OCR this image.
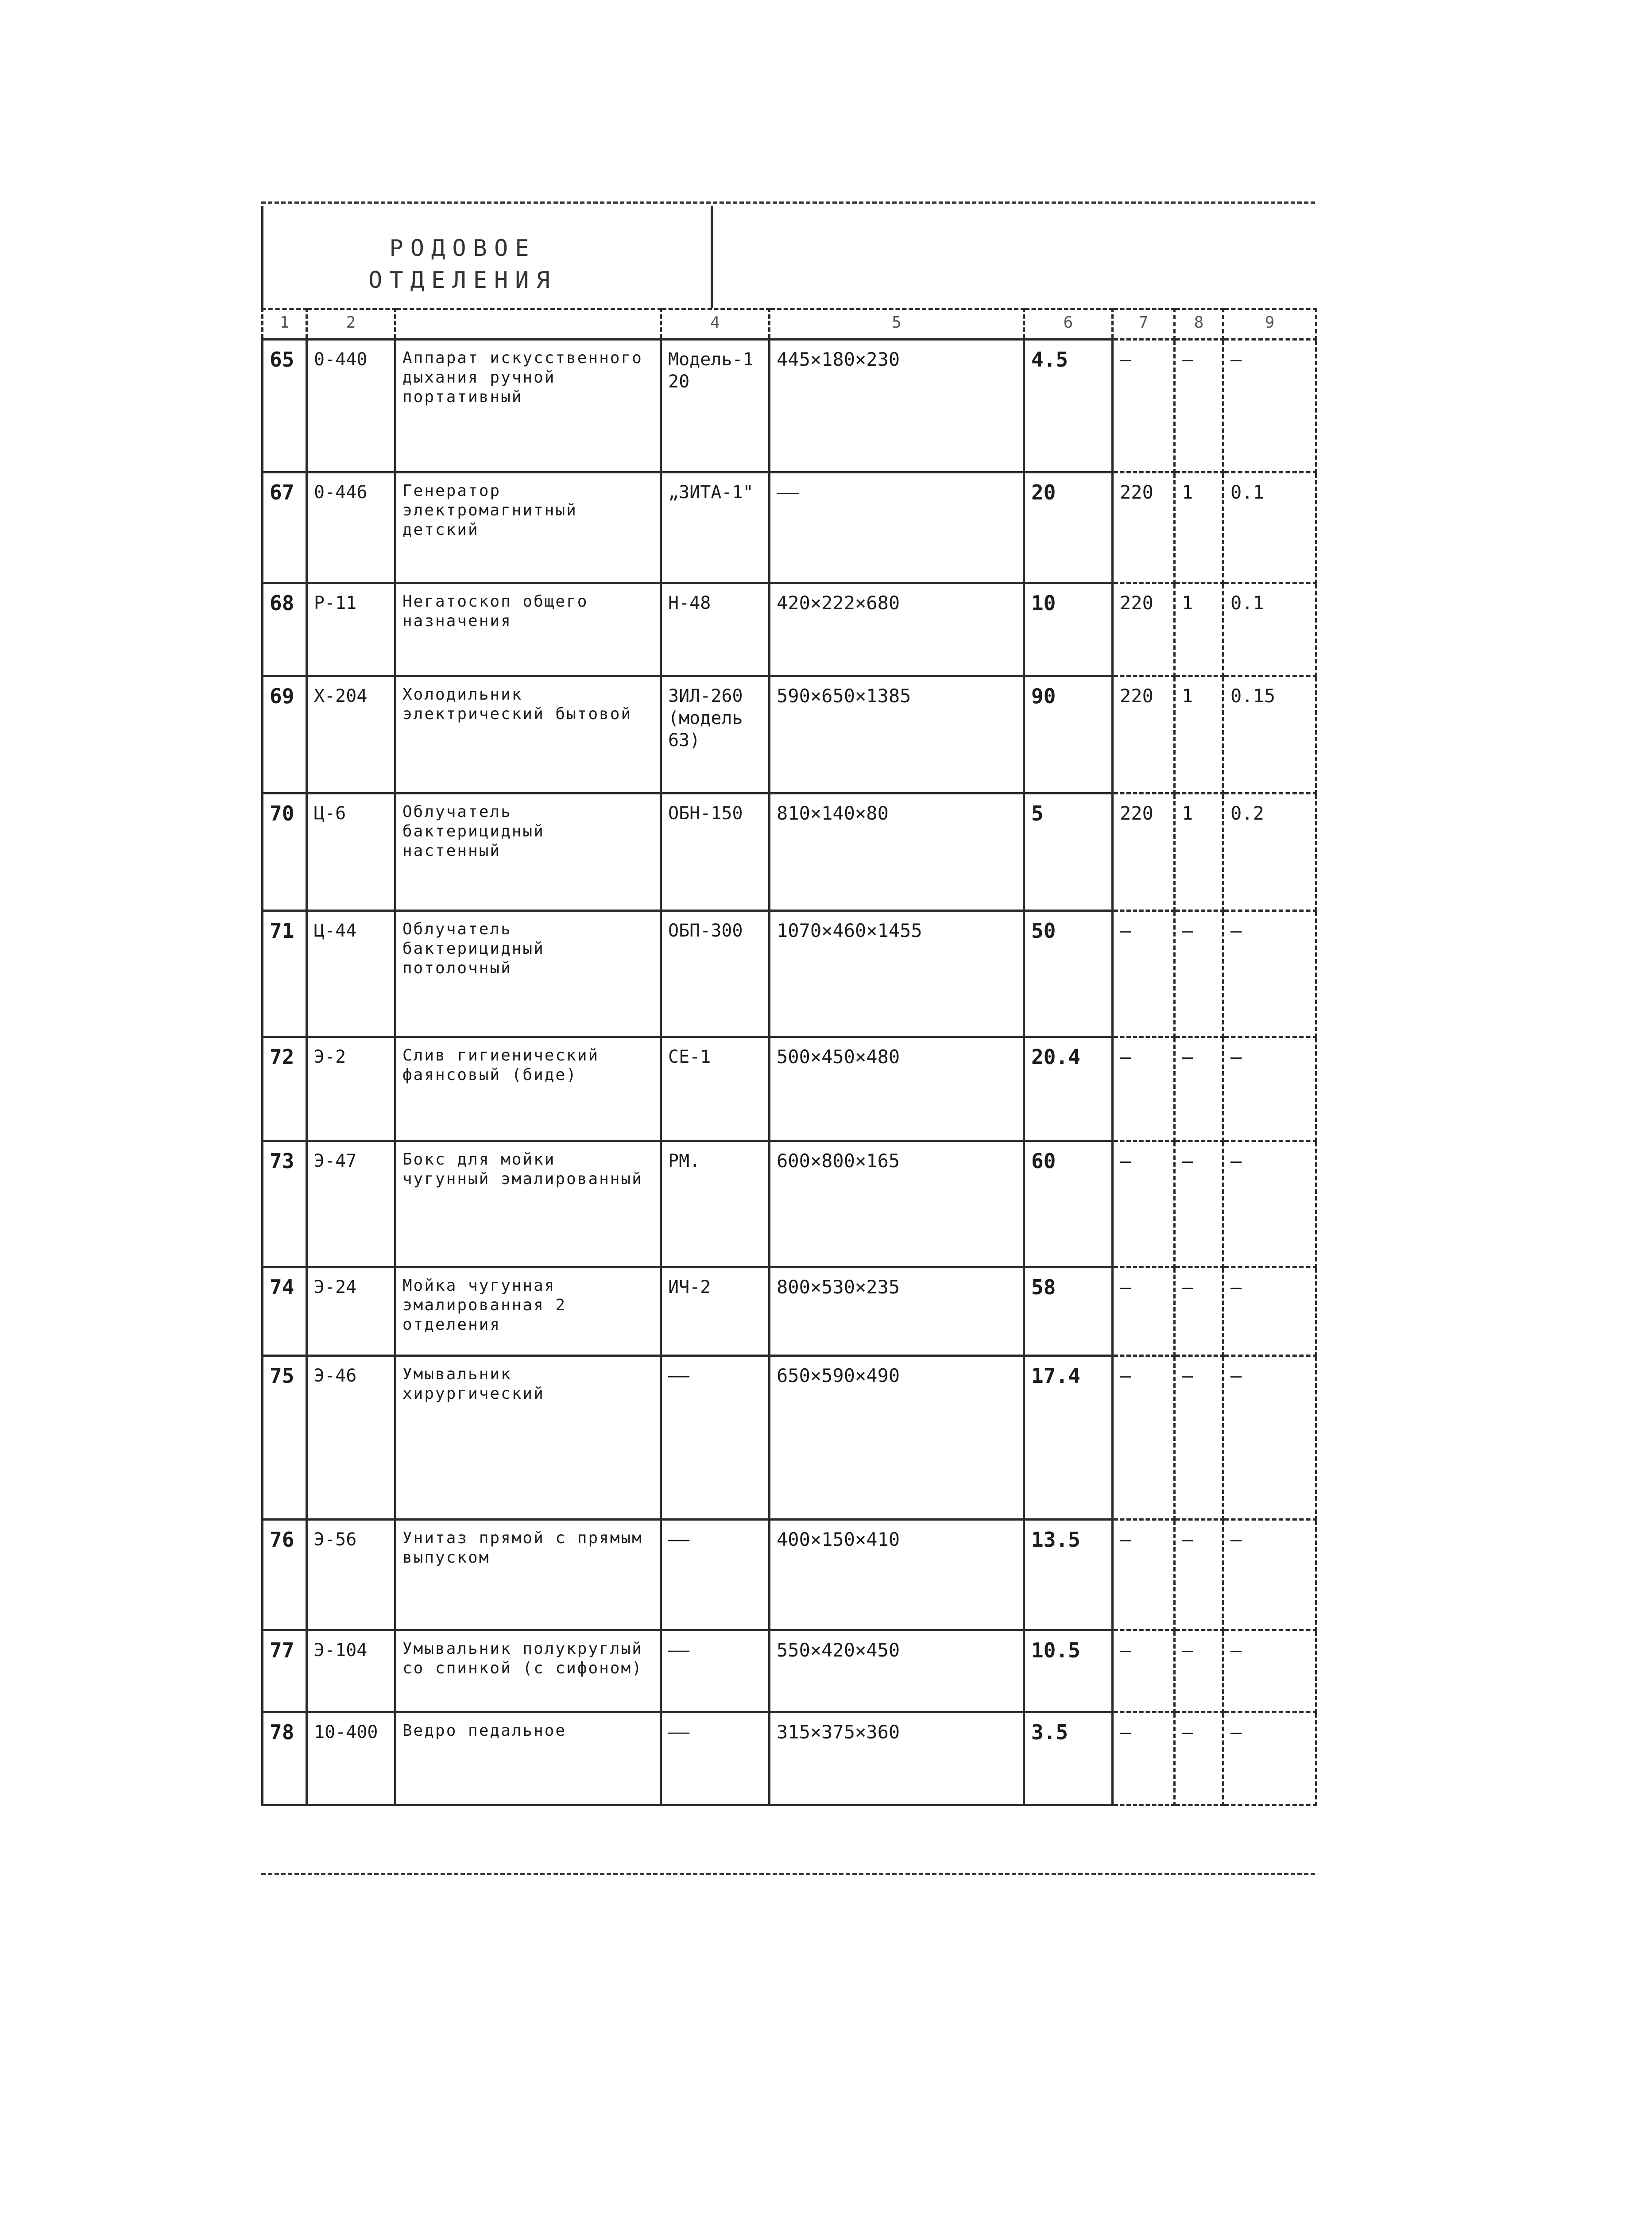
РОДОВОЕ
ОТДЕЛЕНИЯ
1	2		4	5	6	7	8	9
65	0-440	Аппарат искусственного дыхания ручной портативный	Модель-120	445×180×230	4.5	—	—	—
67	0-446	Генератор электромагнитный детский	„ЗИТА-1"	——	20	220	1	0.1
68	Р-11	Негатоскоп общего назначения	Н-48	420×222×680	10	220	1	0.1
69	Х-204	Холодильник электрический бытовой	ЗИЛ-260 (модель 63)	590×650×1385	90	220	1	0.15
70	Ц-6	Облучатель бактерицидный настенный	ОБН-150	810×140×80	5	220	1	0.2
71	Ц-44	Облучатель бактерицидный потолочный	ОБП-300	1070×460×1455	50	—	—	—
72	Э-2	Слив гигиенический фаянсовый (биде)	СЕ-1	500×450×480	20.4	—	—	—
73	Э-47	Бокс для мойки чугунный эмалированный	РМ.	600×800×165	60	—	—	—
74	Э-24	Мойка чугунная эмалированная 2 отделения	ИЧ-2	800×530×235	58	—	—	—
75	Э-46	Умывальник хирургический	——	650×590×490	17.4	—	—	—
76	Э-56	Унитаз прямой с прямым выпуском	——	400×150×410	13.5	—	—	—
77	Э-104	Умывальник полукруглый со спинкой (с сифоном)	——	550×420×450	10.5	—	—	—
78	10-400	Ведро педальное	——	315×375×360	3.5	—	—	—
